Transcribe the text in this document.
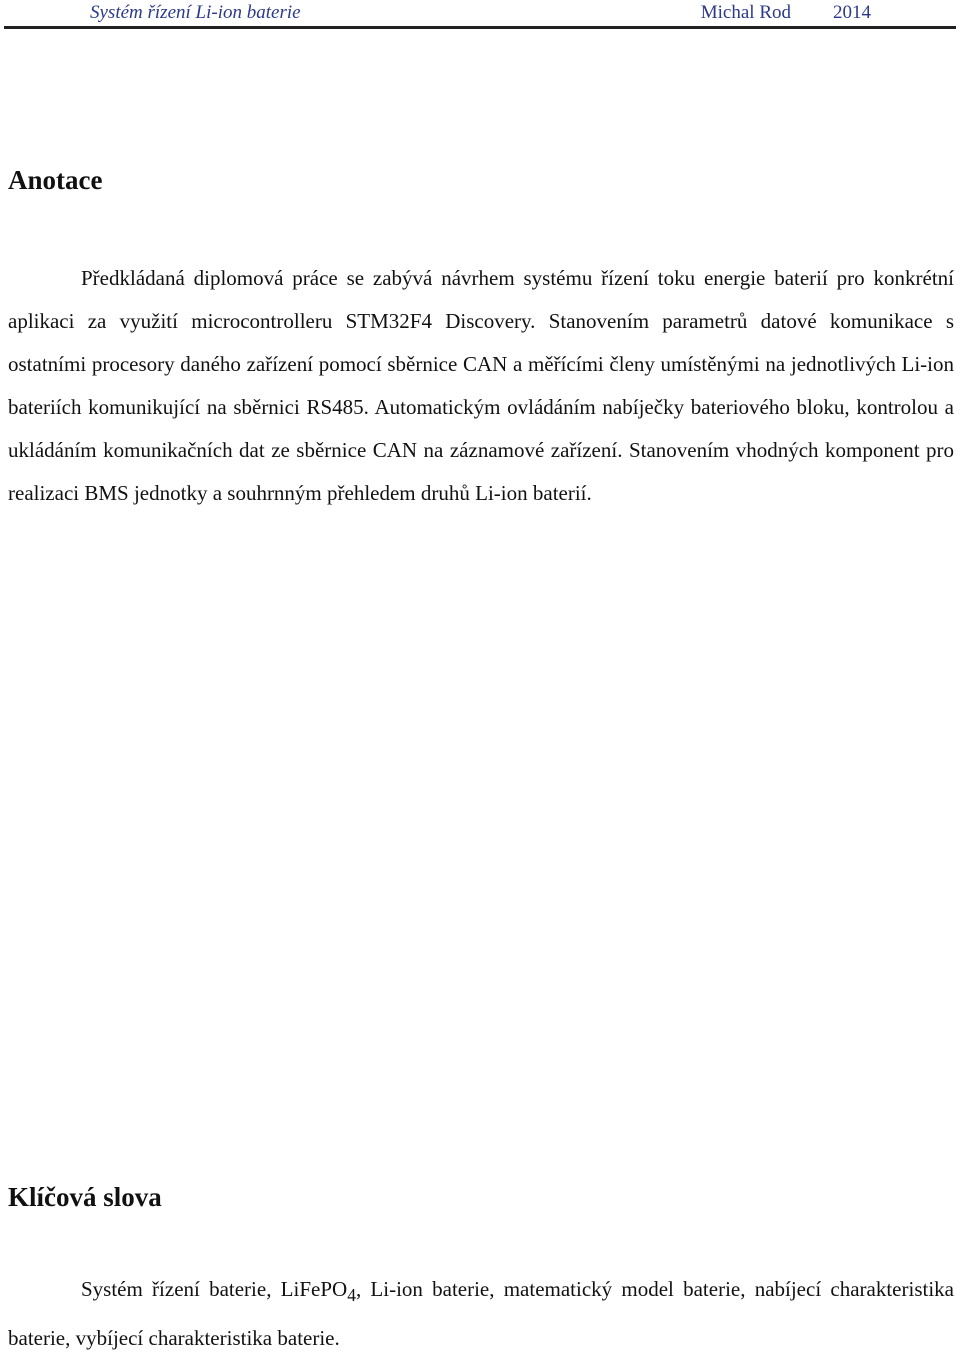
Systém řízení Li-ion baterie	Michal Rod 2014
Anotace

Předkládaná diplomová práce se zabývá návrhem systému řízení toku energie baterií pro konkrétní aplikaci za využití microcontrolleru STM32F4 Discovery. Stanovením parametrů datové komunikace s ostatními procesory daného zařízení pomocí sběrnice CAN a měřícími členy umístěnými na jednotlivých Li-ion bateriích komunikující na sběrnici RS485. Automatickým ovládáním nabíječky bateriového bloku, kontrolou a ukládáním komunikačních dat ze sběrnice CAN na záznamové zařízení. Stanovením vhodných komponent pro realizaci BMS jednotky a souhrnným přehledem druhů Li-ion baterií.

Klíčová slova

Systém řízení baterie, LiFePO$_4$, Li-ion baterie, matematický model baterie, nabíjecí charakteristika baterie, vybíjecí charakteristika baterie.
